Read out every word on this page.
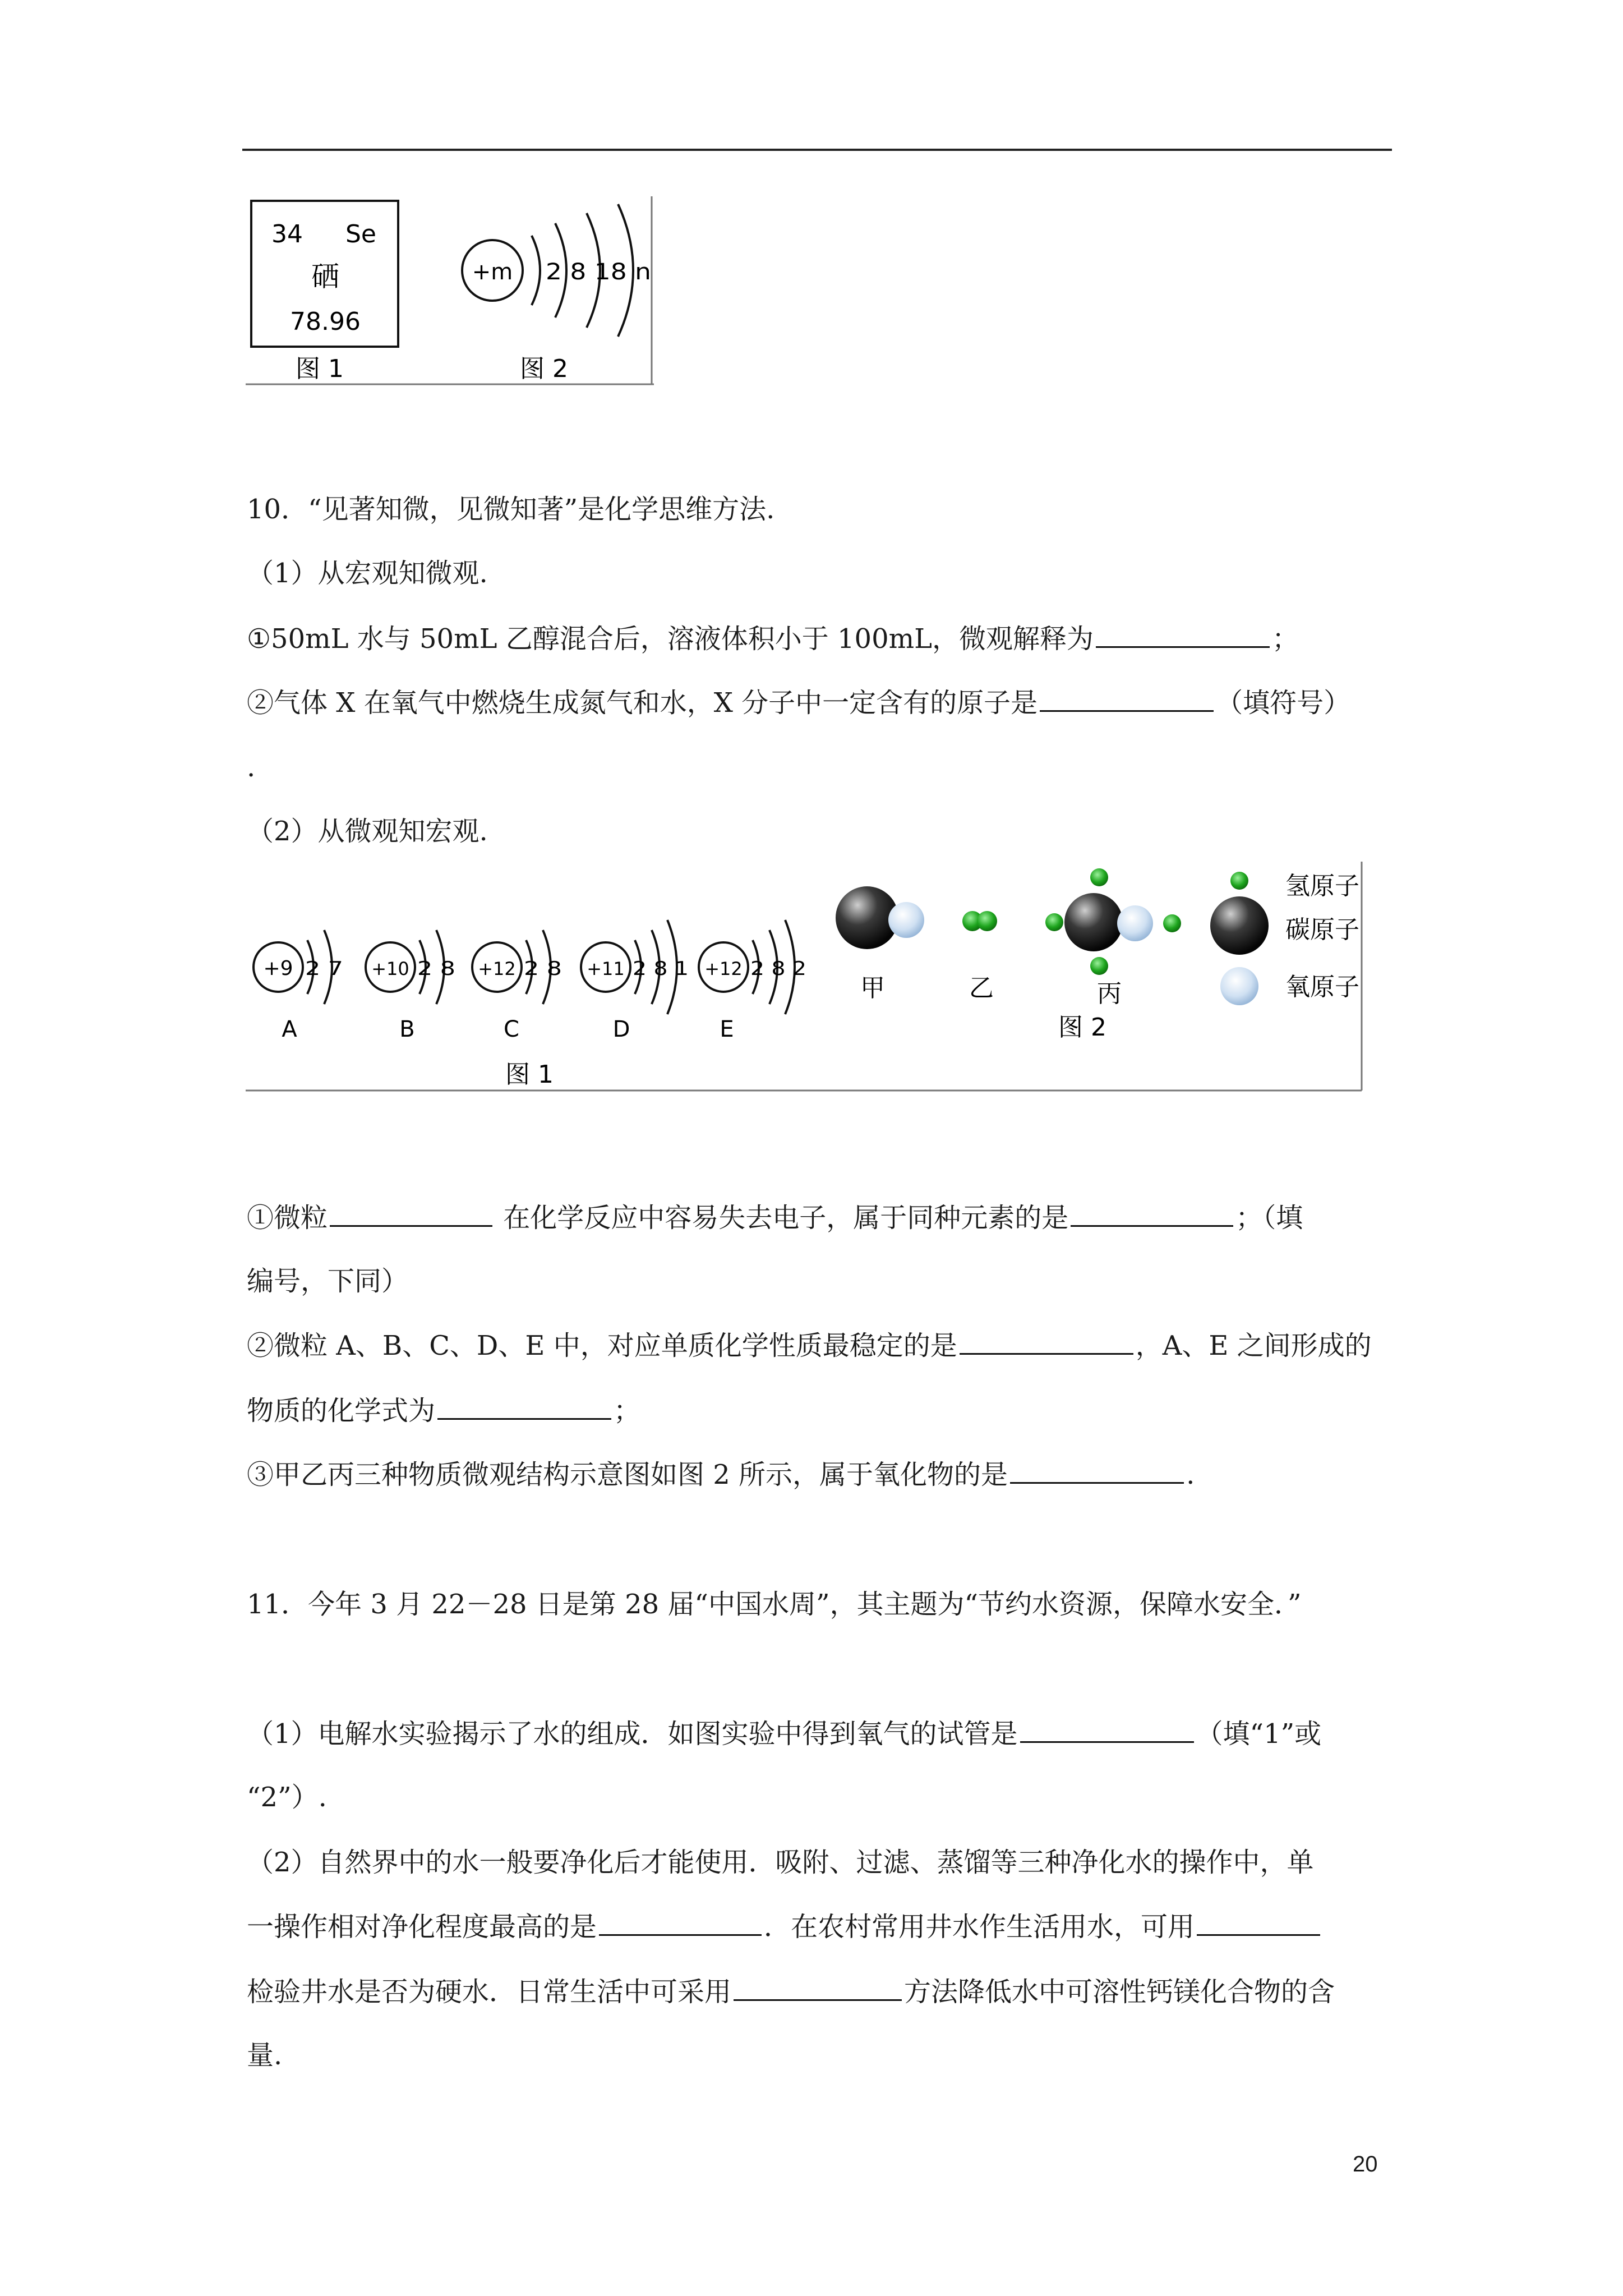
34 Se
硒
78.96
+m 2 8 18 n
图 1	图 2
10．“见著知微，见微知著”是化学思维方法.
（1）从宏观知微观.
①50mL 水与 50mL 乙醇混合后，溶液体积小于 100mL，微观解释为	；
②气体 X 在氧气中燃烧生成氮气和水，X 分子中一定含有的原子是	（填符号）
.
（2）从微观知宏观.
+9 2 7
A
+10 2 8
B
+12 2 8
C
+11 2 8 1
D
+12 2 8 2
E
图 1
甲	乙	丙
图 2
氢原子
碳原子
氧原子
①微粒	在化学反应中容易失去电子，属于同种元素的是	；（填
编号，下同）
②微粒 A、B、C、D、E 中，对应单质化学性质最稳定的是	，A、E 之间形成的
物质的化学式为	；
③甲乙丙三种物质微观结构示意图如图 2 所示，属于氧化物的是	.
11．今年 3 月 22－28 日是第 28 届“中国水周”，其主题为“节约水资源，保障水安全．”
（1）电解水实验揭示了水的组成．如图实验中得到氧气的试管是	（填“1”或
“2”）.
（2）自然界中的水一般要净化后才能使用．吸附、过滤、蒸馏等三种净化水的操作中，单
一操作相对净化程度最高的是	．在农村常用井水作生活用水，可用
检验井水是否为硬水．日常生活中可采用	方法降低水中可溶性钙镁化合物的含
量.
20
